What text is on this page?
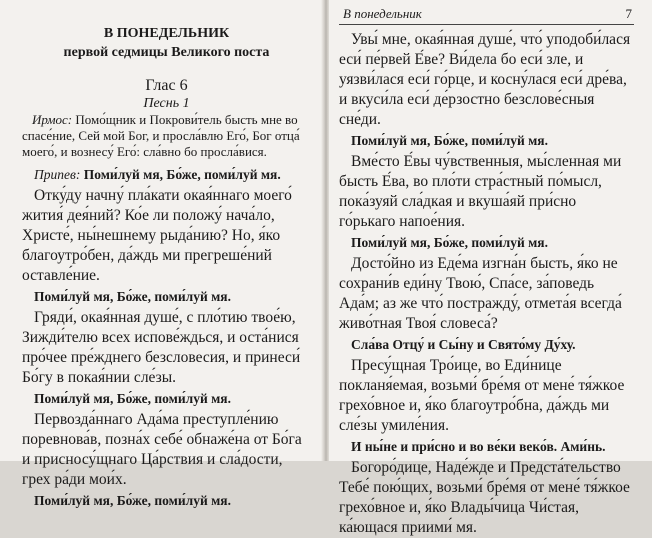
В ПОНЕДЕЛЬНИК

первой седмицы Великого поста

Глас 6

Песнь 1

Ирмос: Помо́щник и Покрови́тель бысть мне во спасе́ние, Сей мой Бог, и просла́влю Его́, Бог отца́ моего́, и вознесу́ Его́: сла́вно бо просла́вися.

Припев: Поми́луй мя, Бо́же, поми́луй мя.

Отку́ду начну́ пла́кати окая́ннаго моего́ жития́ дея́ний? Ко́е ли положу́ нача́ло, Христе́, ны́нешнему рыда́нию? Но, я́ко благоутро́бен, да́ждь ми прегреше́ний оставле́ние.

Поми́луй мя, Бо́же, поми́луй мя.

Гряди́, окая́нная душе́, с пло́тию твое́ю, Зижди́телю всех испове́ждься, и оста́нися про́чее пре́жднего безсловесия, и принеси́ Бо́гу в покая́нии сле́зы.

Поми́луй мя, Бо́же, поми́луй мя.

Первозда́ннаго Ада́ма преступле́нию поревнова́в, позна́х себе́ обнаже́на от Бо́га и присносу́щнаго Ца́рствия и сла́дости, грех ра́ди мои́х.

Поми́луй мя, Бо́же, поми́луй мя.

В понедельник	7

Увы́ мне, окая́нная душе́, что́ уподоби́лася еси́ пе́рвей Е́ве? Ви́дела бо еси́ зле, и уязви́лася еси́ го́рце, и косну́лася еси́ дре́ва, и вкуси́ла еси́ де́рзостно безслове́сныя сне́ди.

Поми́луй мя, Бо́же, поми́луй мя.

Вме́сто Е́вы чу́вственныя, мы́сленная ми бысть Е́ва, во пло́ти стра́стный по́мысл, пока́зуяй сла́дкая и вкуша́яй при́сно го́рькаго напое́ния.

Поми́луй мя, Бо́же, поми́луй мя.

Досто́йно из Еде́ма изгна́н бысть, я́ко не сохрани́в еди́ну Твою́, Спа́се, за́поведь Ада́м; аз же что́ постражду́, отмета́я всегда́ живо́тная Твоя́ словеса́?

Сла́ва Отцу́ и Сы́ну и Свято́му Ду́ху.

Пресу́щная Тро́ице, во Еди́нице покланя́емая, возьми́ бре́мя от мене́ тя́жкое грехо́вное и, я́ко благоутро́бна, да́ждь ми сле́зы умиле́ния.

И ны́не и при́сно и во ве́ки веко́в. Ами́нь.

Богоро́дице, Наде́жде и Предста́тельство Тебе́ пою́щих, возьми́ бре́мя от мене́ тя́жкое грехо́вное и, я́ко Влады́чица Чи́стая, ка́ющася приими́ мя.
